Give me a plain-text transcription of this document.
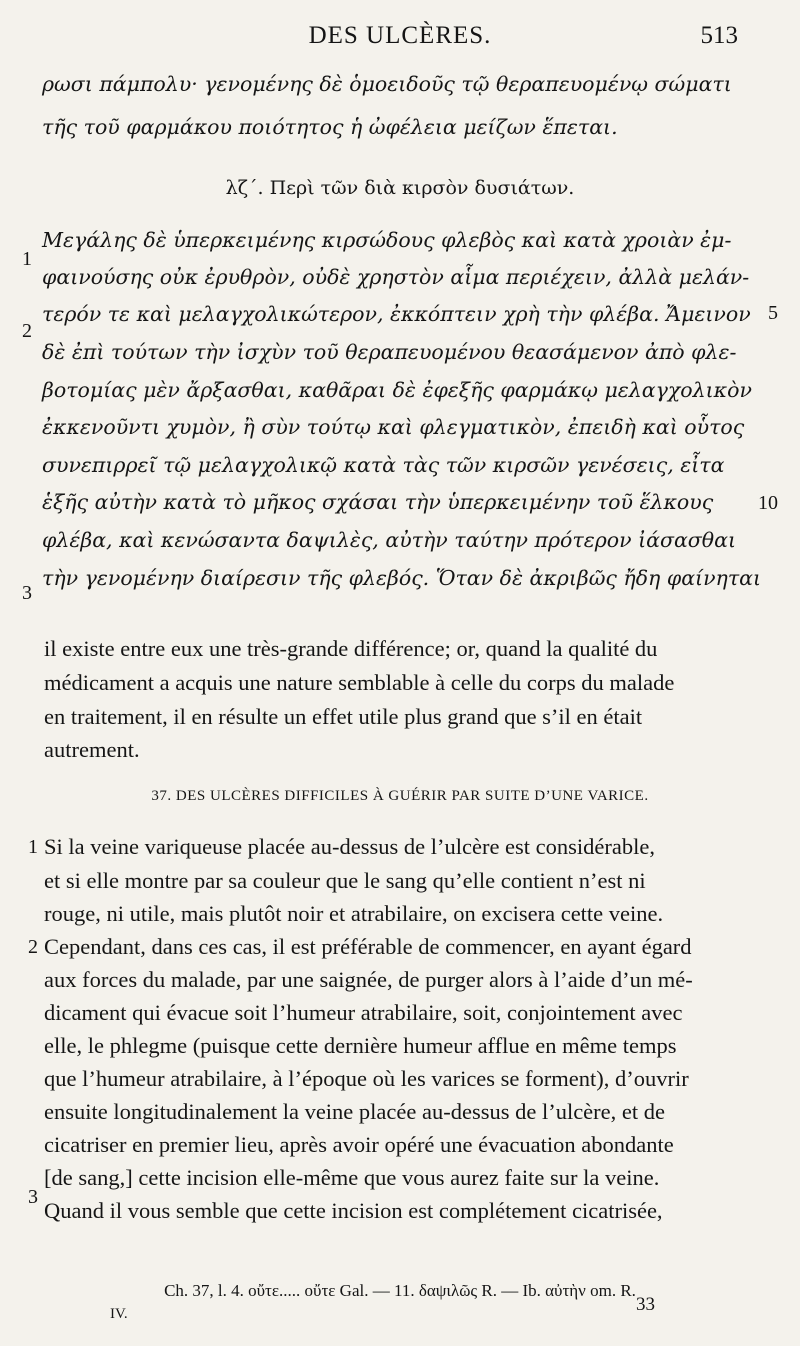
DES ULCÈRES.	513
ρωσι πάμπολυ· γενομένης δὲ ὁμοειδοῦς τῷ θεραπευομένῳ σώματι
τῆς τοῦ φαρμάκου ποιότητος ἡ ὠφέλεια μείζων ἕπεται.
λζ΄. Περὶ τῶν διὰ κιρσὸν δυσιάτων.
Μεγάλης δὲ ὑπερκειμένης κιρσώδους φλεβὸς καὶ κατὰ χροιὰν ἐμ-
φαινούσης οὐκ ἐρυθρὸν, οὐδὲ χρηστὸν αἷμα περιέχειν, ἀλλὰ μελάν-
τερόν τε καὶ μελαγχολικώτερον, ἐκκόπτειν χρὴ τὴν φλέβα. Ἄμεινον
δὲ ἐπὶ τούτων τὴν ἰσχὺν τοῦ θεραπευομένου θεασάμενον ἀπὸ φλε-
βοτομίας μὲν ἄρξασθαι, καθᾶραι δὲ ἐφεξῆς φαρμάκῳ μελαγχολικὸν
ἐκκενοῦντι χυμὸν, ἢ σὺν τούτῳ καὶ φλεγματικὸν, ἐπειδὴ καὶ οὗτος
συνεπιρρεῖ τῷ μελαγχολικῷ κατὰ τὰς τῶν κιρσῶν γενέσεις, εἶτα
ἑξῆς αὐτὴν κατὰ τὸ μῆκος σχάσαι τὴν ὑπερκειμένην τοῦ ἕλκους
φλέβα, καὶ κενώσαντα δαψιλὲς, αὐτὴν ταύτην πρότερον ἰάσασθαι
τὴν γενομένην διαίρεσιν τῆς φλεβός. Ὅταν δὲ ἀκριβῶς ἤδη φαίνηται
1
2
3
5
10
il existe entre eux une très-grande différence; or, quand la qualité du
médicament a acquis une nature semblable à celle du corps du malade
en traitement, il en résulte un effet utile plus grand que s’il en était
autrement.
37. DES ULCÈRES DIFFICILES À GUÉRIR PAR SUITE D’UNE VARICE.
Si la veine variqueuse placée au-dessus de l’ulcère est considérable,
et si elle montre par sa couleur que le sang qu’elle contient n’est ni
rouge, ni utile, mais plutôt noir et atrabilaire, on excisera cette veine.
Cependant, dans ces cas, il est préférable de commencer, en ayant égard
aux forces du malade, par une saignée, de purger alors à l’aide d’un mé-
dicament qui évacue soit l’humeur atrabilaire, soit, conjointement avec
elle, le phlegme (puisque cette dernière humeur afflue en même temps
que l’humeur atrabilaire, à l’époque où les varices se forment), d’ouvrir
ensuite longitudinalement la veine placée au-dessus de l’ulcère, et de
cicatriser en premier lieu, après avoir opéré une évacuation abondante
[de sang,] cette incision elle-même que vous aurez faite sur la veine.
Quand il vous semble que cette incision est complétement cicatrisée,
1
2
3
Ch. 37, l. 4. οὔτε..... οὔτε Gal. — 11. δαψιλῶς R. — Ib. αὐτὴν om. R.
IV.	33
